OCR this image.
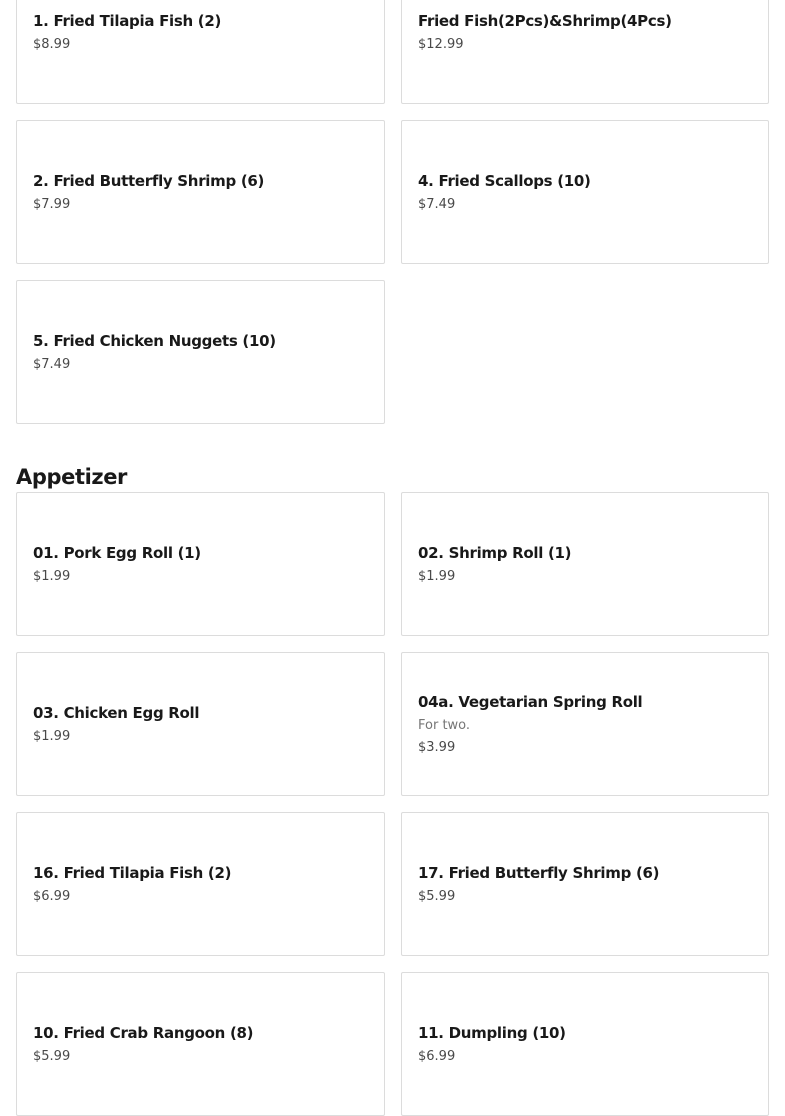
1. Fried Tilapia Fish (2)
$8.99
Fried Fish(2Pcs)&Shrimp(4Pcs)
$12.99
2. Fried Butterfly Shrimp (6)
$7.99
4. Fried Scallops (10)
$7.49
5. Fried Chicken Nuggets (10)
$7.49
Appetizer
01. Pork Egg Roll (1)
$1.99
02. Shrimp Roll (1)
$1.99
03. Chicken Egg Roll
$1.99
04a. Vegetarian Spring Roll
For two.
$3.99
16. Fried Tilapia Fish (2)
$6.99
17. Fried Butterfly Shrimp (6)
$5.99
10. Fried Crab Rangoon (8)
$5.99
11. Dumpling (10)
$6.99
